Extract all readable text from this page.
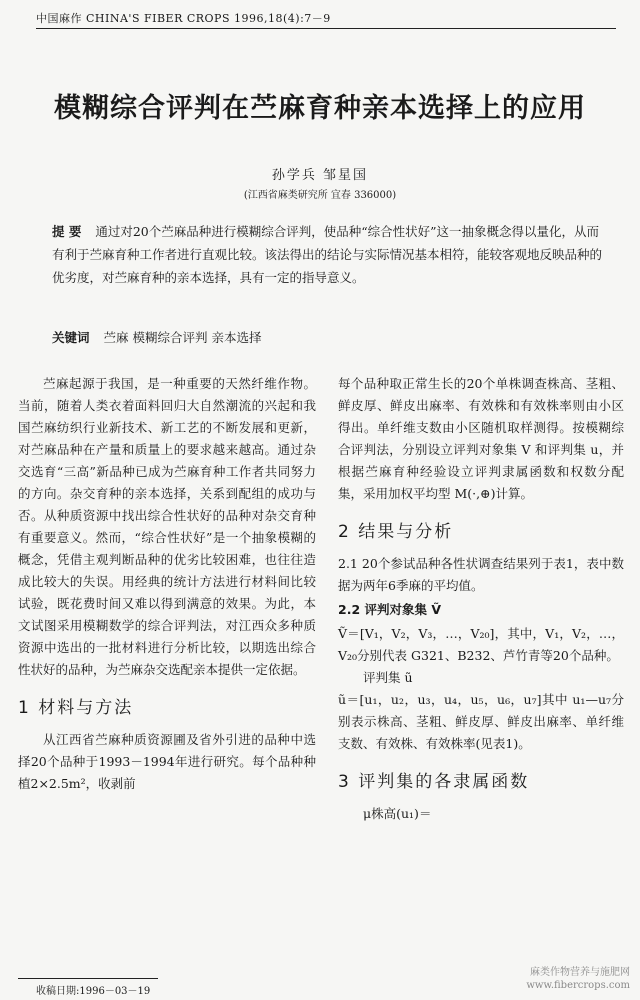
中国麻作 CHINA'S FIBER CROPS 1996,18(4):7－9
模糊综合评判在苎麻育种亲本选择上的应用
孙学兵 邹星国
(江西省麻类研究所 宜春 336000)
提 要 通过对20个苎麻品种进行模糊综合评判，使品种“综合性状好”这一抽象概念得以量化，从而有利于苎麻育种工作者进行直观比较。该法得出的结论与实际情况基本相符，能较客观地反映品种的优劣度，对苎麻育种的亲本选择，具有一定的指导意义。
关键词 苎麻 模糊综合评判 亲本选择

苎麻起源于我国，是一种重要的天然纤维作物。当前，随着人类衣着面料回归大自然潮流的兴起和我国苎麻纺织行业新技术、新工艺的不断发展和更新，对苎麻品种在产量和质量上的要求越来越高。通过杂交选育“三高”新品种已成为苎麻育种工作者共同努力的方向。杂交育种的亲本选择，关系到配组的成功与否。从种质资源中找出综合性状好的品种对杂交育种有重要意义。然而，“综合性状好”是一个抽象模糊的概念，凭借主观判断品种的优劣比较困难，也往往造成比较大的失误。用经典的统计方法进行材料间比较试验，既花费时间又难以得到满意的效果。为此，本文试图采用模糊数学的综合评判法，对江西众多种质资源中选出的一批材料进行分析比较，以期选出综合性状好的品种，为苎麻杂交选配亲本提供一定依据。

1 材料与方法

从江西省苎麻种质资源圃及省外引进的品种中选择20个品种于1993－1994年进行研究。每个品种种植2×2.5m²，收剥前

每个品种取正常生长的20个单株调查株高、茎粗、鲜皮厚、鲜皮出麻率、有效株和有效株率则由小区得出。单纤维支数由小区随机取样测得。按模糊综合评判法，分别设立评判对象集 V 和评判集 u，并根据苎麻育种经验设立评判隶属函数和权数分配集，采用加权平均型 M(·,⊕)计算。

2 结果与分析

2.1 20个参试品种各性状调查结果列于表1，表中数据为两年6季麻的平均值。

2.2 评判对象集 Ṽ

Ṽ＝[V₁，V₂，V₃，…，V₂₀]，其中，V₁，V₂，…，V₂₀分别代表 G321、B232、芦竹青等20个品种。

评判集 ũ

ũ＝[u₁，u₂，u₃，u₄，u₅，u₆，u₇]其中 u₁—u₇分别表示株高、茎粗、鲜皮厚、鲜皮出麻率、单纤维支数、有效株、有效株率(见表1)。

3 评判集的各隶属函数

μ株高(u₁)＝

收稿日期:1996－03－19
麻类作物营养与施肥网
www.fibercrops.com
